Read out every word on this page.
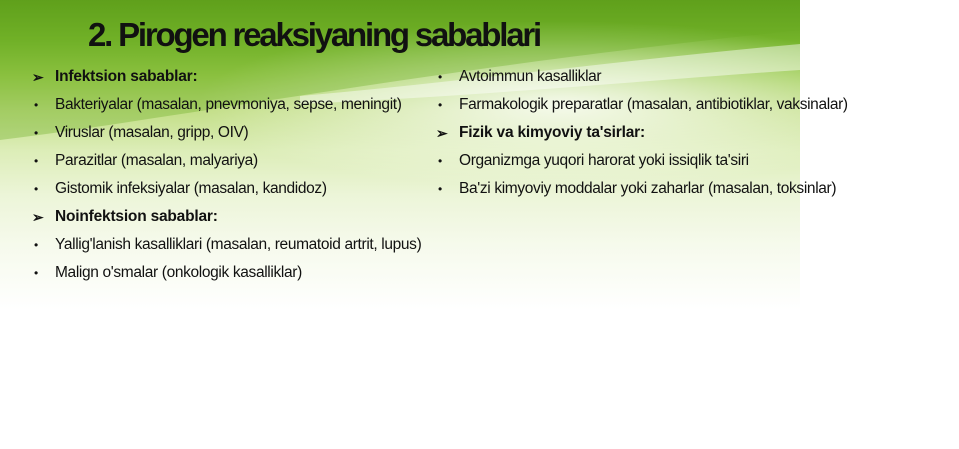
2. Pirogen reaksiyaning sabablari
➢ Infektsion sabablar:
•	Bakteriyalar (masalan, pnevmoniya, sepse, meningit)
•	Viruslar (masalan, gripp, OIV)
•	Parazitlar (masalan, malyariya)
•	Gistomik infeksiyalar (masalan, kandidoz)
➢ Noinfektsion sabablar:
•	Yallig'lanish kasalliklari (masalan, reumatoid artrit, lupus)
•	Malign o'smalar (onkologik kasalliklar)
•	Avtoimmun kasalliklar
•	Farmakologik preparatlar (masalan, antibiotiklar, vaksinalar)
➢ Fizik va kimyoviy ta'sirlar:
•	Organizmga yuqori harorat yoki issiqlik ta'siri
•	Ba'zi kimyoviy moddalar yoki zaharlar (masalan, toksinlar)
